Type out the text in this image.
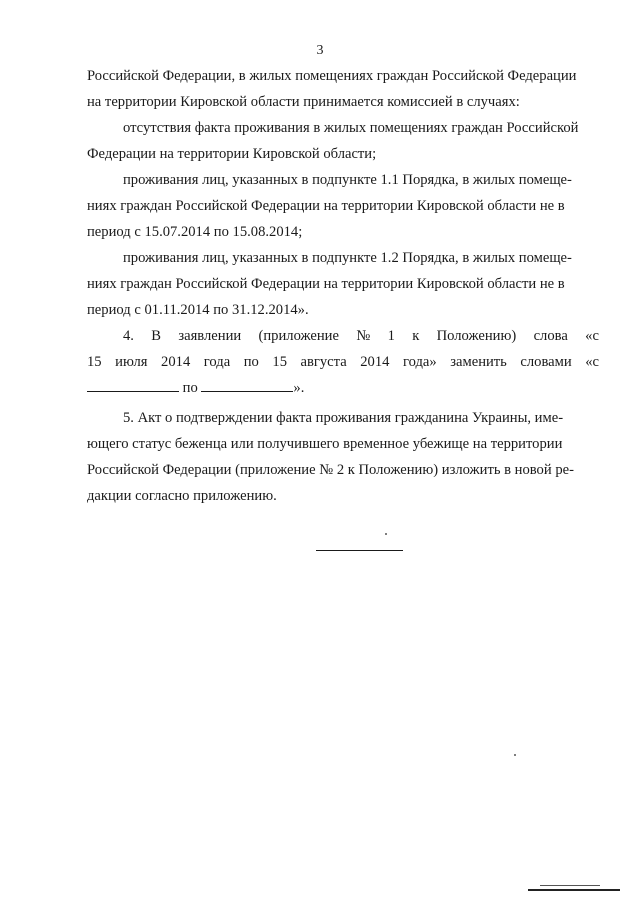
3
Российской Федерации, в жилых помещениях граждан Российской Федерации
на территории Кировской области принимается комиссией в случаях:
отсутствия факта проживания в жилых помещениях граждан Российской
Федерации на территории Кировской области;
проживания лиц, указанных в подпункте 1.1 Порядка, в жилых помеще-
ниях граждан Российской Федерации на территории Кировской области не в
период с 15.07.2014 по 15.08.2014;
проживания лиц, указанных в подпункте 1.2 Порядка, в жилых помеще-
ниях граждан Российской Федерации на территории Кировской области не в
период с 01.11.2014 по 31.12.2014».
4. В заявлении (приложение № 1 к Положению) слова «с
15 июля 2014 года по 15 августа 2014 года» заменить словами «с
по	».
5. Акт о подтверждении факта проживания гражданина Украины, име-
ющего статус беженца или получившего временное убежище на территории
Российской Федерации (приложение № 2 к Положению) изложить в новой ре-
дакции согласно приложению.
